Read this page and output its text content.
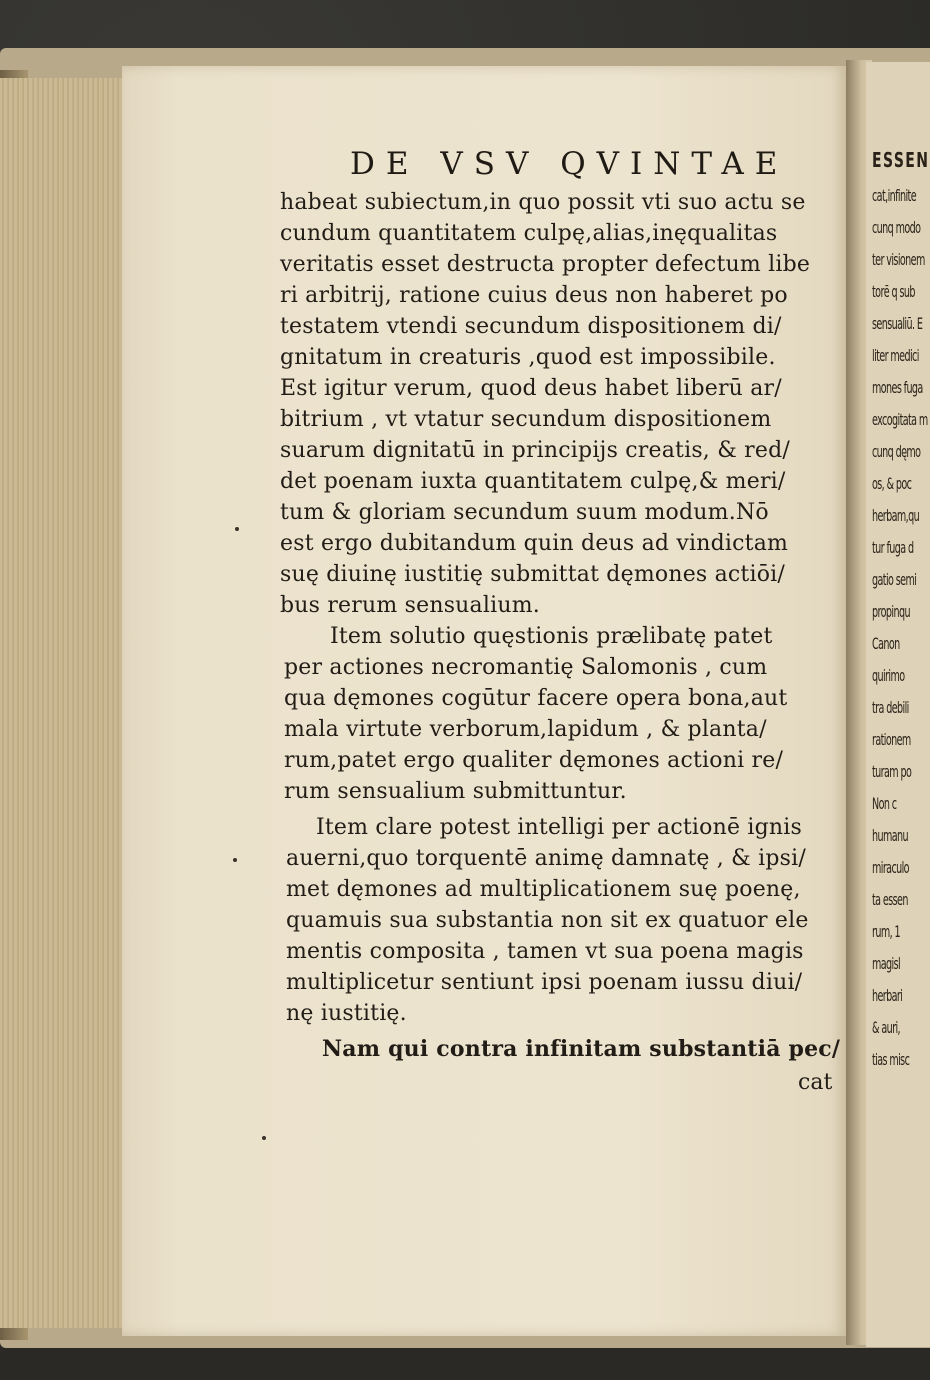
ESSEN
cat,infinite
cunq modo
ter visionem
torē q sub
sensualiū. E
liter medici
mones fuga
excogitata m
cunq dęmo
os, & poc
herbam,qu
tur fuga d
gatio semi
propinqu
Canon
quirimo
tra debili
rationem
turam po
Non c
humanu
miraculo
ta essen
rum, 1
magisl
herbari
& auri,
tias misc
DE VSV QVINTAE
habeat subiectum,in quo possit vti suo actu se
cundum quantitatem culpę,alias,inęqualitas
veritatis esset destructa propter defectum libe
ri arbitrij, ratione cuius deus non haberet po
testatem vtendi secundum dispositionem di/
gnitatum in creaturis ,quod est impossibile.
Est igitur verum, quod deus habet liberū ar/
bitrium , vt vtatur secundum dispositionem
suarum dignitatū in principijs creatis, & red/
det poenam iuxta quantitatem culpę,& meri/
tum & gloriam secundum suum modum.Nō
est ergo dubitandum quin deus ad vindictam
suę diuinę iustitię submittat dęmones actiōi/
bus rerum sensualium.
Item solutio quęstionis prælibatę patet
per actiones necromantię Salomonis , cum
qua dęmones cogūtur facere opera bona,aut
mala virtute verborum,lapidum , & planta/
rum,patet ergo qualiter dęmones actioni re/
rum sensualium submittuntur.
Item clare potest intelligi per actionē ignis
auerni,quo torquentē animę damnatę , & ipsi/
met dęmones ad multiplicationem suę poenę,
quamuis sua substantia non sit ex quatuor ele
mentis composita , tamen vt sua poena magis
multiplicetur sentiunt ipsi poenam iussu diui/
nę iustitię.
Nam qui contra infinitam substantiā pec/
cat
